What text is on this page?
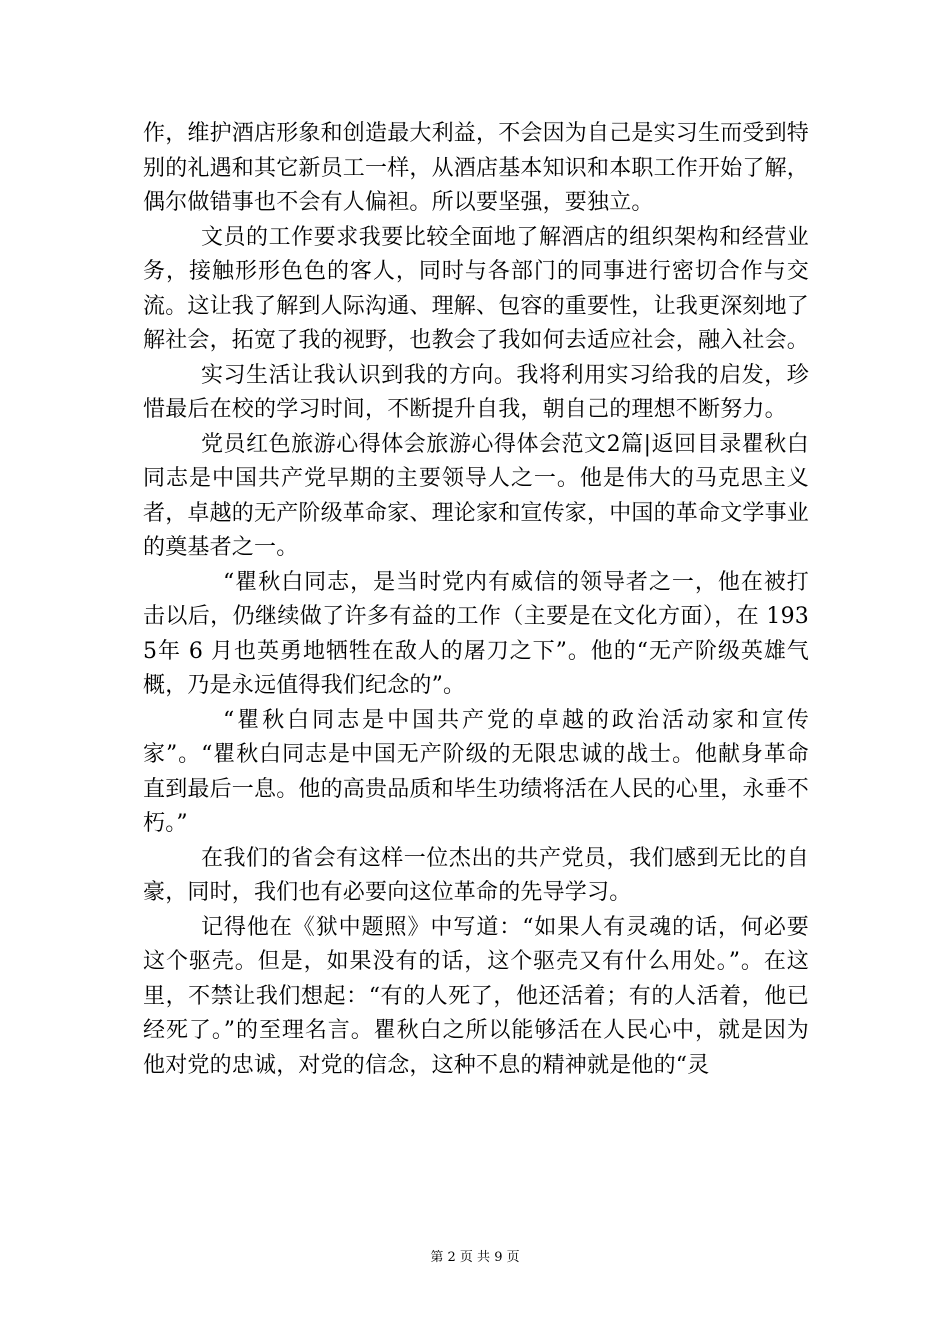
作，维护酒店形象和创造最大利益，不会因为自己是实习生而受到特别的礼遇和其它新员工一样，从酒店基本知识和本职工作开始了解，偶尔做错事也不会有人偏袒。所以要坚强，要独立。

文员的工作要求我要比较全面地了解酒店的组织架构和经营业务，接触形形色色的客人，同时与各部门的同事进行密切合作与交流。这让我了解到人际沟通、理解、包容的重要性，让我更深刻地了解社会，拓宽了我的视野，也教会了我如何去适应社会，融入社会。

实习生活让我认识到我的方向。我将利用实习给我的启发，珍惜最后在校的学习时间，不断提升自我，朝自己的理想不断努力。

党员红色旅游心得体会旅游心得体会范文2篇|返回目录瞿秋白同志是中国共产党早期的主要领导人之一。他是伟大的马克思主义者，卓越的无产阶级革命家、理论家和宣传家，中国的革命文学事业的奠基者之一。

“瞿秋白同志，是当时党内有威信的领导者之一，他在被打击以后，仍继续做了许多有益的工作（主要是在文化方面），在 1935年 6 月也英勇地牺牲在敌人的屠刀之下”。他的“无产阶级英雄气概，乃是永远值得我们纪念的”。

“瞿秋白同志是中国共产党的卓越的政治活动家和宣传家”。“瞿秋白同志是中国无产阶级的无限忠诚的战士。他献身革命直到最后一息。他的高贵品质和毕生功绩将活在人民的心里，永垂不朽。”

在我们的省会有这样一位杰出的共产党员，我们感到无比的自豪，同时，我们也有必要向这位革命的先导学习。

记得他在《狱中题照》中写道：“如果人有灵魂的话，何必要这个驱壳。但是，如果没有的话，这个驱壳又有什么用处。”。在这里，不禁让我们想起：“有的人死了，他还活着；有的人活着，他已经死了。”的至理名言。瞿秋白之所以能够活在人民心中，就是因为他对党的忠诚，对党的信念，这种不息的精神就是他的“灵

第 2 页 共 9 页
